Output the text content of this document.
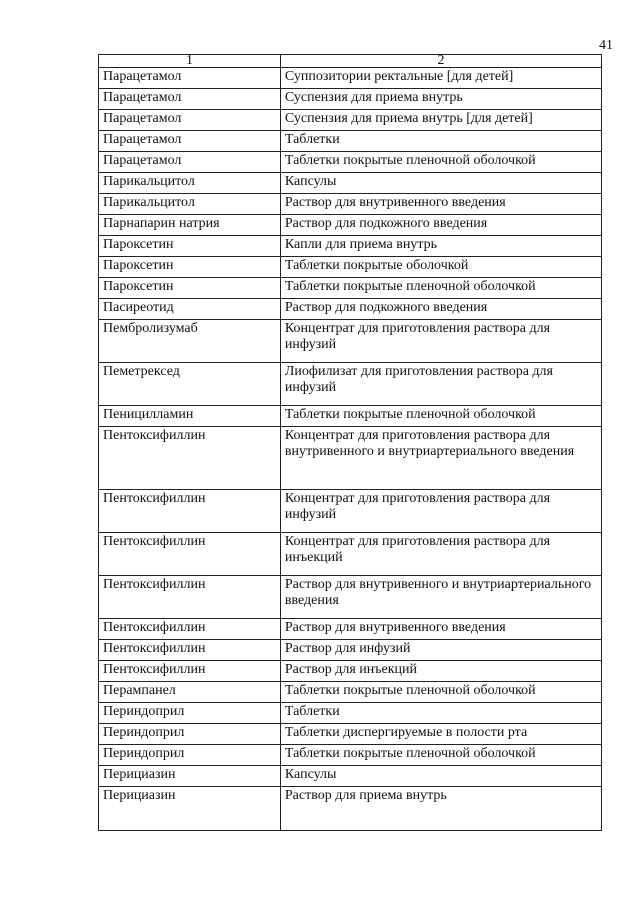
41
1	2
Парацетамол	Суппозитории ректальные [для детей]
Парацетамол	Суспензия для приема внутрь
Парацетамол	Суспензия для приема внутрь [для детей]
Парацетамол	Таблетки
Парацетамол	Таблетки покрытые пленочной оболочкой
Парикальцитол	Капсулы
Парикальцитол	Раствор для внутривенного введения
Парнапарин натрия	Раствор для подкожного введения
Пароксетин	Капли для приема внутрь
Пароксетин	Таблетки покрытые оболочкой
Пароксетин	Таблетки покрытые пленочной оболочкой
Пасиреотид	Раствор для подкожного введения
Пембролизумаб	Концентрат для приготовления раствора для инфузий
Пеметрексед	Лиофилизат для приготовления раствора для инфузий
Пеницилламин	Таблетки покрытые пленочной оболочкой
Пентоксифиллин	Концентрат для приготовления раствора для внутривенного и внутриартериального введения
Пентоксифиллин	Концентрат для приготовления раствора для инфузий
Пентоксифиллин	Концентрат для приготовления раствора для инъекций
Пентоксифиллин	Раствор для внутривенного и внутриартериального введения
Пентоксифиллин	Раствор для внутривенного введения
Пентоксифиллин	Раствор для инфузий
Пентоксифиллин	Раствор для инъекций
Перампанел	Таблетки покрытые пленочной оболочкой
Периндоприл	Таблетки
Периндоприл	Таблетки диспергируемые в полости рта
Периндоприл	Таблетки покрытые пленочной оболочкой
Перициазин	Капсулы
Перициазин	Раствор для приема внутрь
